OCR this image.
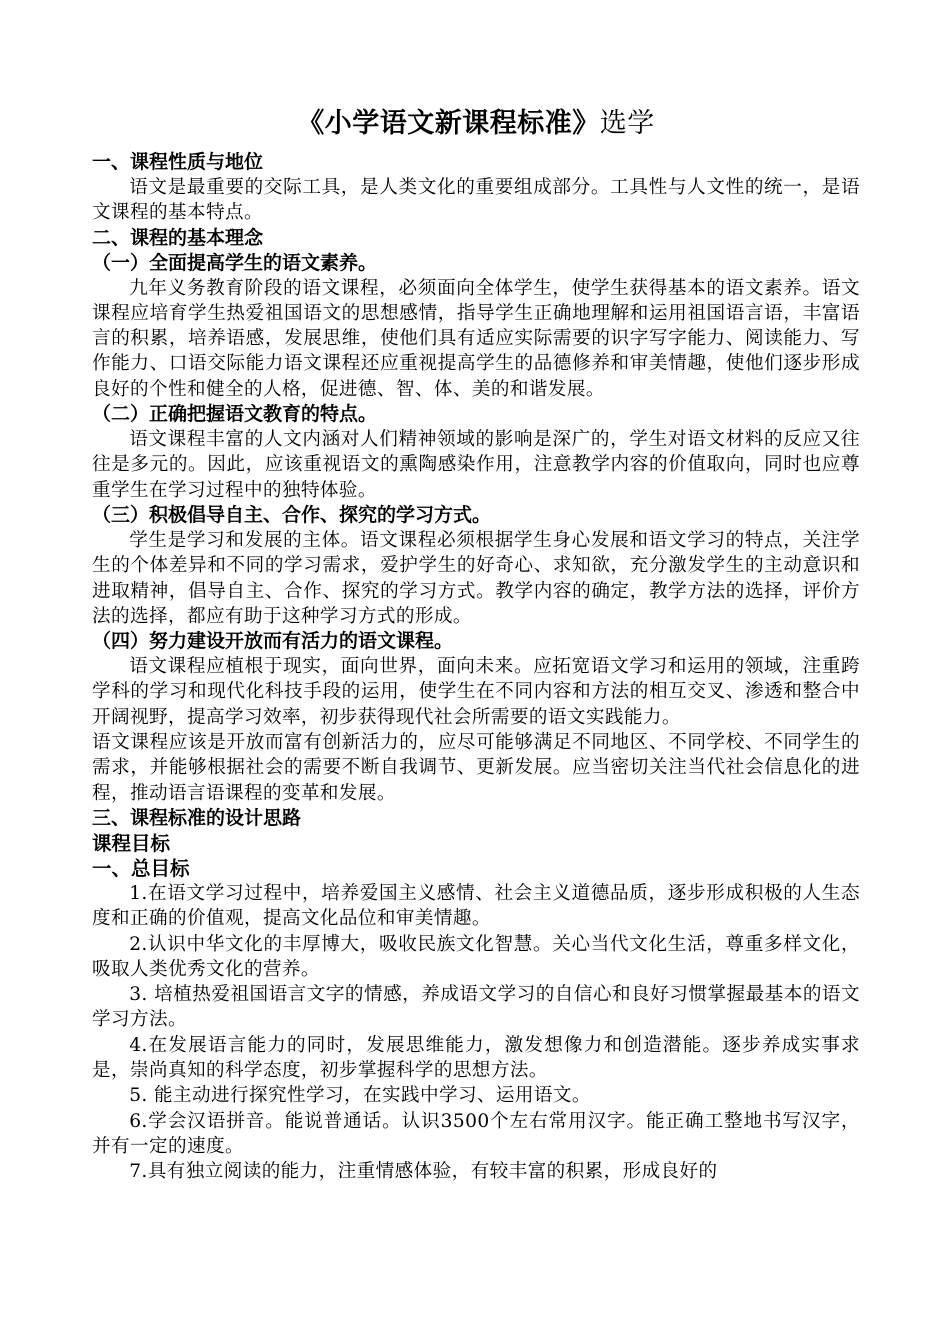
《小学语文新课程标准》选学
一、课程性质与地位
语文是最重要的交际工具，是人类文化的重要组成部分。工具性与人文性的统一，是语文课程的基本特点。
二、课程的基本理念
（一）全面提高学生的语文素养。
九年义务教育阶段的语文课程，必须面向全体学生，使学生获得基本的语文素养。语文课程应培育学生热爱祖国语文的思想感情，指导学生正确地理解和运用祖国语言语，丰富语言的积累，培养语感，发展思维，使他们具有适应实际需要的识字写字能力、阅读能力、写作能力、口语交际能力语文课程还应重视提高学生的品德修养和审美情趣，使他们逐步形成良好的个性和健全的人格，促进德、智、体、美的和谐发展。
（二）正确把握语文教育的特点。
语文课程丰富的人文内涵对人们精神领域的影响是深广的，学生对语文材料的反应又往往是多元的。因此，应该重视语文的熏陶感染作用，注意教学内容的价值取向，同时也应尊重学生在学习过程中的独特体验。
（三）积极倡导自主、合作、探究的学习方式。
学生是学习和发展的主体。语文课程必须根据学生身心发展和语文学习的特点，关注学生的个体差异和不同的学习需求，爱护学生的好奇心、求知欲，充分激发学生的主动意识和进取精神，倡导自主、合作、探究的学习方式。教学内容的确定，教学方法的选择，评价方法的选择，都应有助于这种学习方式的形成。
（四）努力建设开放而有活力的语文课程。
语文课程应植根于现实，面向世界，面向未来。应拓宽语文学习和运用的领域，注重跨学科的学习和现代化科技手段的运用，使学生在不同内容和方法的相互交叉、渗透和整合中开阔视野，提高学习效率，初步获得现代社会所需要的语文实践能力。
语文课程应该是开放而富有创新活力的，应尽可能够满足不同地区、不同学校、不同学生的需求，并能够根据社会的需要不断自我调节、更新发展。应当密切关注当代社会信息化的进程，推动语言语课程的变革和发展。
三、课程标准的设计思路
课程目标
一、总目标
1.在语文学习过程中，培养爱国主义感情、社会主义道德品质，逐步形成积极的人生态度和正确的价值观，提高文化品位和审美情趣。
2.认识中华文化的丰厚博大，吸收民族文化智慧。关心当代文化生活，尊重多样文化，吸取人类优秀文化的营养。
3. 培植热爱祖国语言文字的情感，养成语文学习的自信心和良好习惯掌握最基本的语文学习方法。
4.在发展语言能力的同时，发展思维能力，激发想像力和创造潜能。逐步养成实事求是，崇尚真知的科学态度，初步掌握科学的思想方法。
5. 能主动进行探究性学习，在实践中学习、运用语文。
6.学会汉语拼音。能说普通话。认识3500个左右常用汉字。能正确工整地书写汉字，并有一定的速度。
7.具有独立阅读的能力，注重情感体验，有较丰富的积累，形成良好的
